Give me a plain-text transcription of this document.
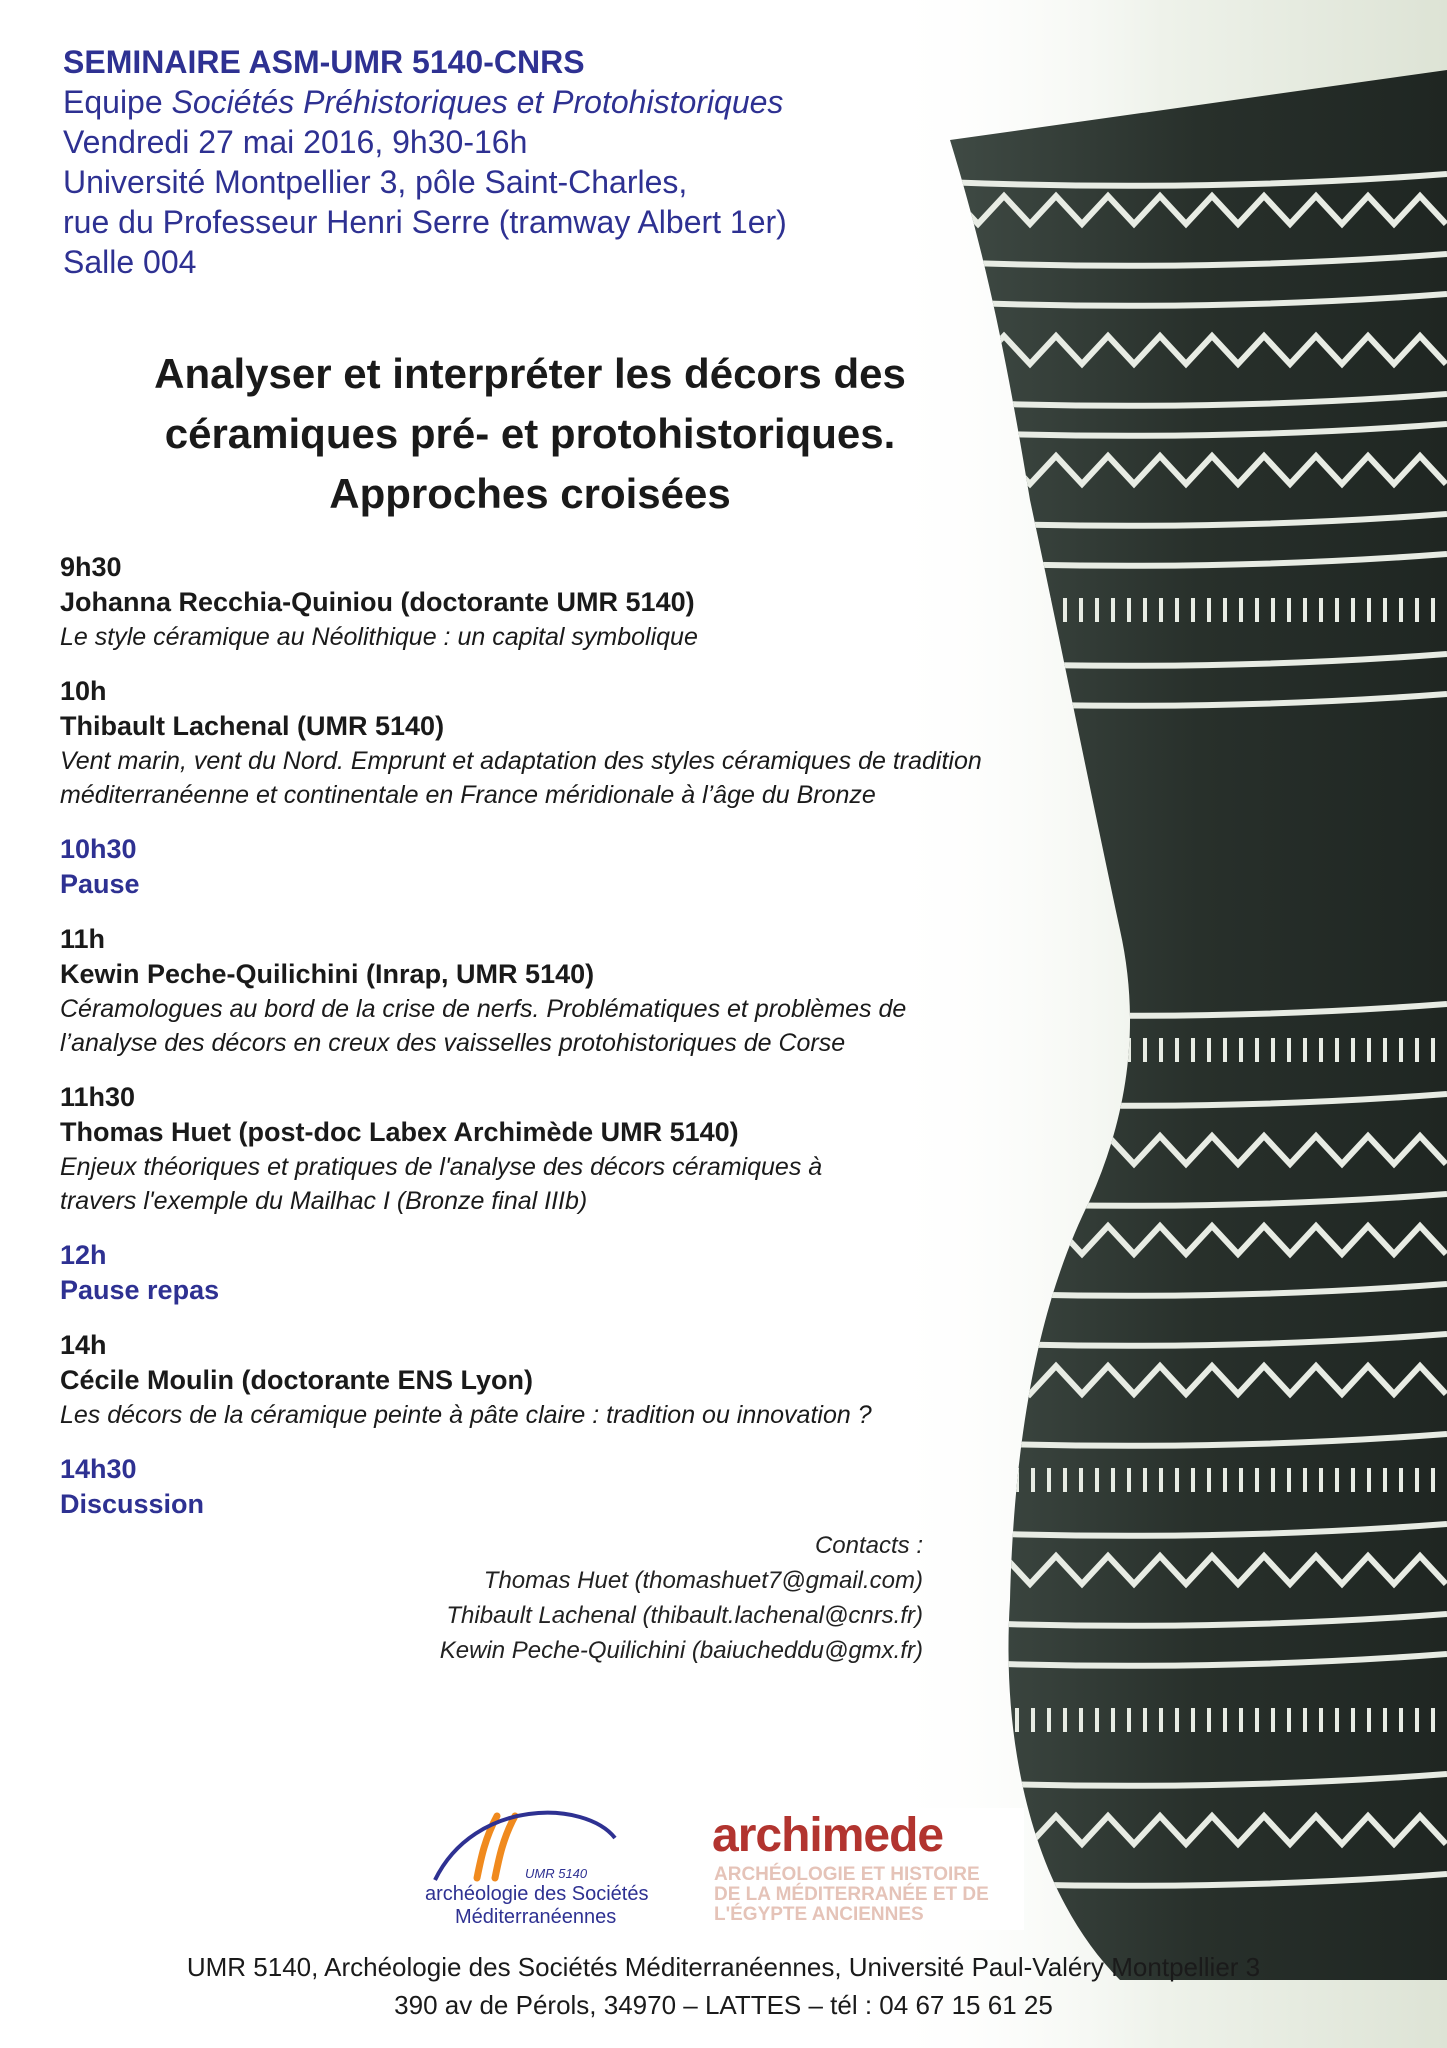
SEMINAIRE ASM-UMR 5140-CNRS
Equipe Sociétés Préhistoriques et Protohistoriques
Vendredi 27 mai 2016, 9h30-16h
Université Montpellier 3, pôle Saint-Charles,
rue du Professeur Henri Serre (tramway Albert 1er)
Salle 004
Analyser et interpréter les décors des
céramiques pré- et protohistoriques.
Approches croisées
9h30
Johanna Recchia-Quiniou (doctorante UMR 5140)
Le style céramique au Néolithique : un capital symbolique
10h
Thibault Lachenal (UMR 5140)
Vent marin, vent du Nord. Emprunt et adaptation des styles céramiques de tradition
méditerranéenne et continentale en France méridionale à l’âge du Bronze
10h30
Pause
11h
Kewin Peche-Quilichini (Inrap, UMR 5140)
Céramologues au bord de la crise de nerfs. Problématiques et problèmes de
l’analyse des décors en creux des vaisselles protohistoriques de Corse
11h30
Thomas Huet (post-doc Labex Archimède UMR 5140)
Enjeux théoriques et pratiques de l'analyse des décors céramiques à
travers l'exemple du Mailhac I (Bronze final IIIb)
12h
Pause repas
14h
Cécile Moulin (doctorante ENS Lyon)
Les décors de la céramique peinte à pâte claire : tradition ou innovation ?
14h30
Discussion
Contacts :
Thomas Huet (thomashuet7@gmail.com)
Thibault Lachenal (thibault.lachenal@cnrs.fr)
Kewin Peche-Quilichini (baiucheddu@gmx.fr)
UMR 5140
archéologie des Sociétés
Méditerranéennes
archimede
ARCHÉOLOGIE ET HISTOIRE
DE LA MÉDITERRANÉE ET DE
L'ÉGYPTE ANCIENNES
UMR 5140, Archéologie des Sociétés Méditerranéennes, Université Paul-Valéry Montpellier 3
390 av de Pérols, 34970 – LATTES – tél : 04 67 15 61 25
